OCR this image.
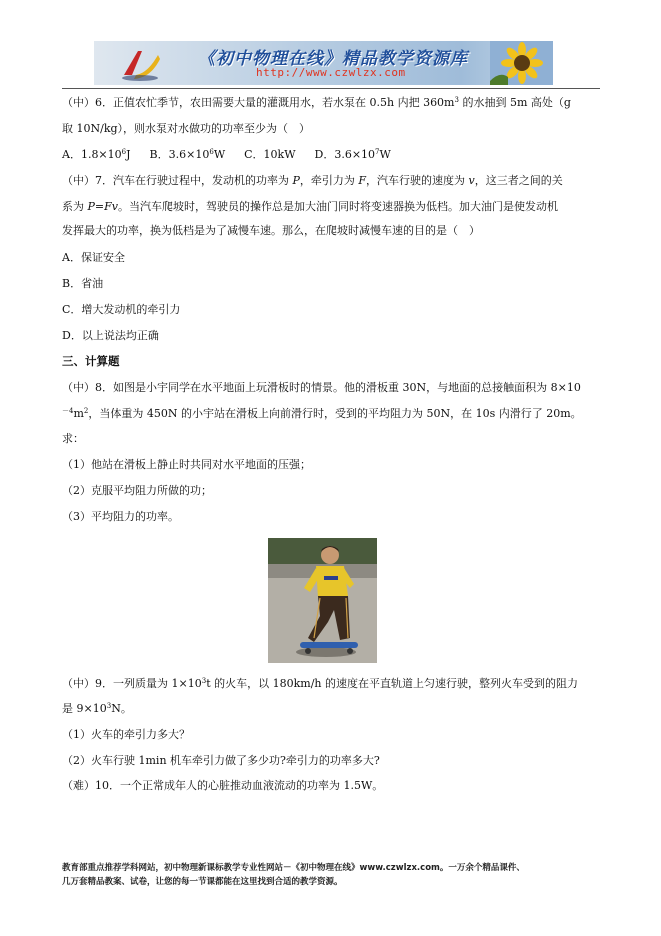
《初中物理在线》精品教学资源库
http://www.czwlzx.com
（中）6．正值农忙季节，农田需要大量的灌溉用水，若水泵在 0.5h 内把 $360m^3$ 的水抽到 5m 高处（g
取 10N/kg），则水泵对水做功的功率至少为（　）
A．$1.8\times 10^6J$ B．$3.6\times 10^6W$ C．10kW D．$3.6\times 10^7W$
（中）7．汽车在行驶过程中，发动机的功率为 P，牵引力为 F，汽车行驶的速度为 v，这三者之间的关
系为 P=Fv。当汽车爬坡时，驾驶员的操作总是加大油门同时将变速器换为低档。加大油门是使发动机
发挥最大的功率，换为低档是为了减慢车速。那么，在爬坡时减慢车速的目的是（　）
A．保证安全
B．省油
C．增大发动机的牵引力
D．以上说法均正确
三、计算题
（中）8．如图是小宇同学在水平地面上玩滑板时的情景。他的滑板重 30N，与地面的总接触面积为 8×10
$^{-4}m^2$，当体重为 450N 的小宇站在滑板上向前滑行时，受到的平均阻力为 50N，在 10s 内滑行了 20m。
求：
（1）他站在滑板上静止时共同对水平地面的压强；
（2）克服平均阻力所做的功；
（3）平均阻力的功率。
（中）9．一列质量为 $1\times 10^3t$ 的火车，以 180km/h 的速度在平直轨道上匀速行驶，整列火车受到的阻力
是 $9\times 10^3N$。
（1）火车的牵引力多大？
（2）火车行驶 1min 机车牵引力做了多少功?牵引力的功率多大?
（难）10．一个正常成年人的心脏推动血液流动的功率为 1.5W。
教育部重点推荐学科网站，初中物理新课标教学专业性网站－《初中物理在线》www.czwlzx.com。一万余个精品课件、
几万套精品教案、试卷，让您的每一节课都能在这里找到合适的教学资源。
